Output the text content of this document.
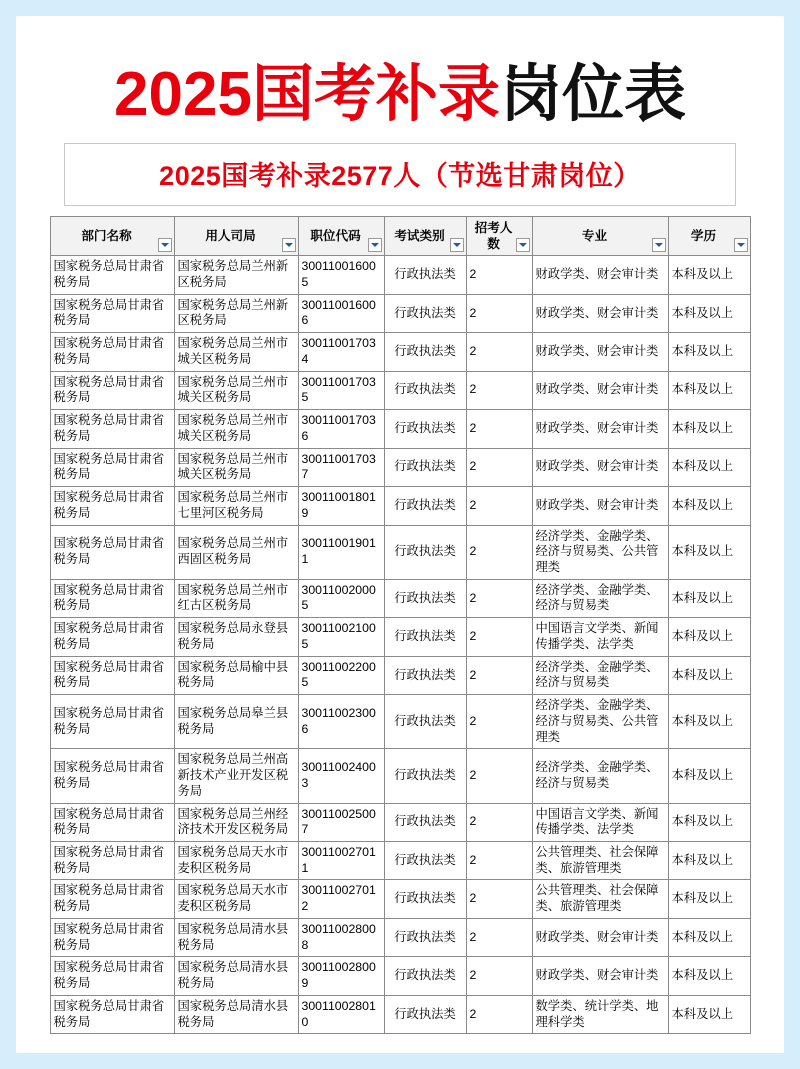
2025国考补录岗位表
2025国考补录2577人（节选甘肃岗位）
部门名称	用人司局	职位代码	考试类别	招考人数	专业	学历

国家税务总局甘肃省税务局	国家税务总局兰州新区税务局	300110016005	行政执法类	2	财政学类、财会审计类	本科及以上
国家税务总局甘肃省税务局	国家税务总局兰州新区税务局	300110016006	行政执法类	2	财政学类、财会审计类	本科及以上
国家税务总局甘肃省税务局	国家税务总局兰州市城关区税务局	300110017034	行政执法类	2	财政学类、财会审计类	本科及以上
国家税务总局甘肃省税务局	国家税务总局兰州市城关区税务局	300110017035	行政执法类	2	财政学类、财会审计类	本科及以上
国家税务总局甘肃省税务局	国家税务总局兰州市城关区税务局	300110017036	行政执法类	2	财政学类、财会审计类	本科及以上
国家税务总局甘肃省税务局	国家税务总局兰州市城关区税务局	300110017037	行政执法类	2	财政学类、财会审计类	本科及以上
国家税务总局甘肃省税务局	国家税务总局兰州市七里河区税务局	300110018019	行政执法类	2	财政学类、财会审计类	本科及以上
国家税务总局甘肃省税务局	国家税务总局兰州市西固区税务局	300110019011	行政执法类	2	经济学类、金融学类、经济与贸易类、公共管理类	本科及以上
国家税务总局甘肃省税务局	国家税务总局兰州市红古区税务局	300110020005	行政执法类	2	经济学类、金融学类、经济与贸易类	本科及以上
国家税务总局甘肃省税务局	国家税务总局永登县税务局	300110021005	行政执法类	2	中国语言文学类、新闻传播学类、法学类	本科及以上
国家税务总局甘肃省税务局	国家税务总局榆中县税务局	300110022005	行政执法类	2	经济学类、金融学类、经济与贸易类	本科及以上
国家税务总局甘肃省税务局	国家税务总局皋兰县税务局	300110023006	行政执法类	2	经济学类、金融学类、经济与贸易类、公共管理类	本科及以上
国家税务总局甘肃省税务局	国家税务总局兰州高新技术产业开发区税务局	300110024003	行政执法类	2	经济学类、金融学类、经济与贸易类	本科及以上
国家税务总局甘肃省税务局	国家税务总局兰州经济技术开发区税务局	300110025007	行政执法类	2	中国语言文学类、新闻传播学类、法学类	本科及以上
国家税务总局甘肃省税务局	国家税务总局天水市麦积区税务局	300110027011	行政执法类	2	公共管理类、社会保障类、旅游管理类	本科及以上
国家税务总局甘肃省税务局	国家税务总局天水市麦积区税务局	300110027012	行政执法类	2	公共管理类、社会保障类、旅游管理类	本科及以上
国家税务总局甘肃省税务局	国家税务总局清水县税务局	300110028008	行政执法类	2	财政学类、财会审计类	本科及以上
国家税务总局甘肃省税务局	国家税务总局清水县税务局	300110028009	行政执法类	2	财政学类、财会审计类	本科及以上
国家税务总局甘肃省税务局	国家税务总局清水县税务局	300110028010	行政执法类	2	数学类、统计学类、地理科学类	本科及以上
